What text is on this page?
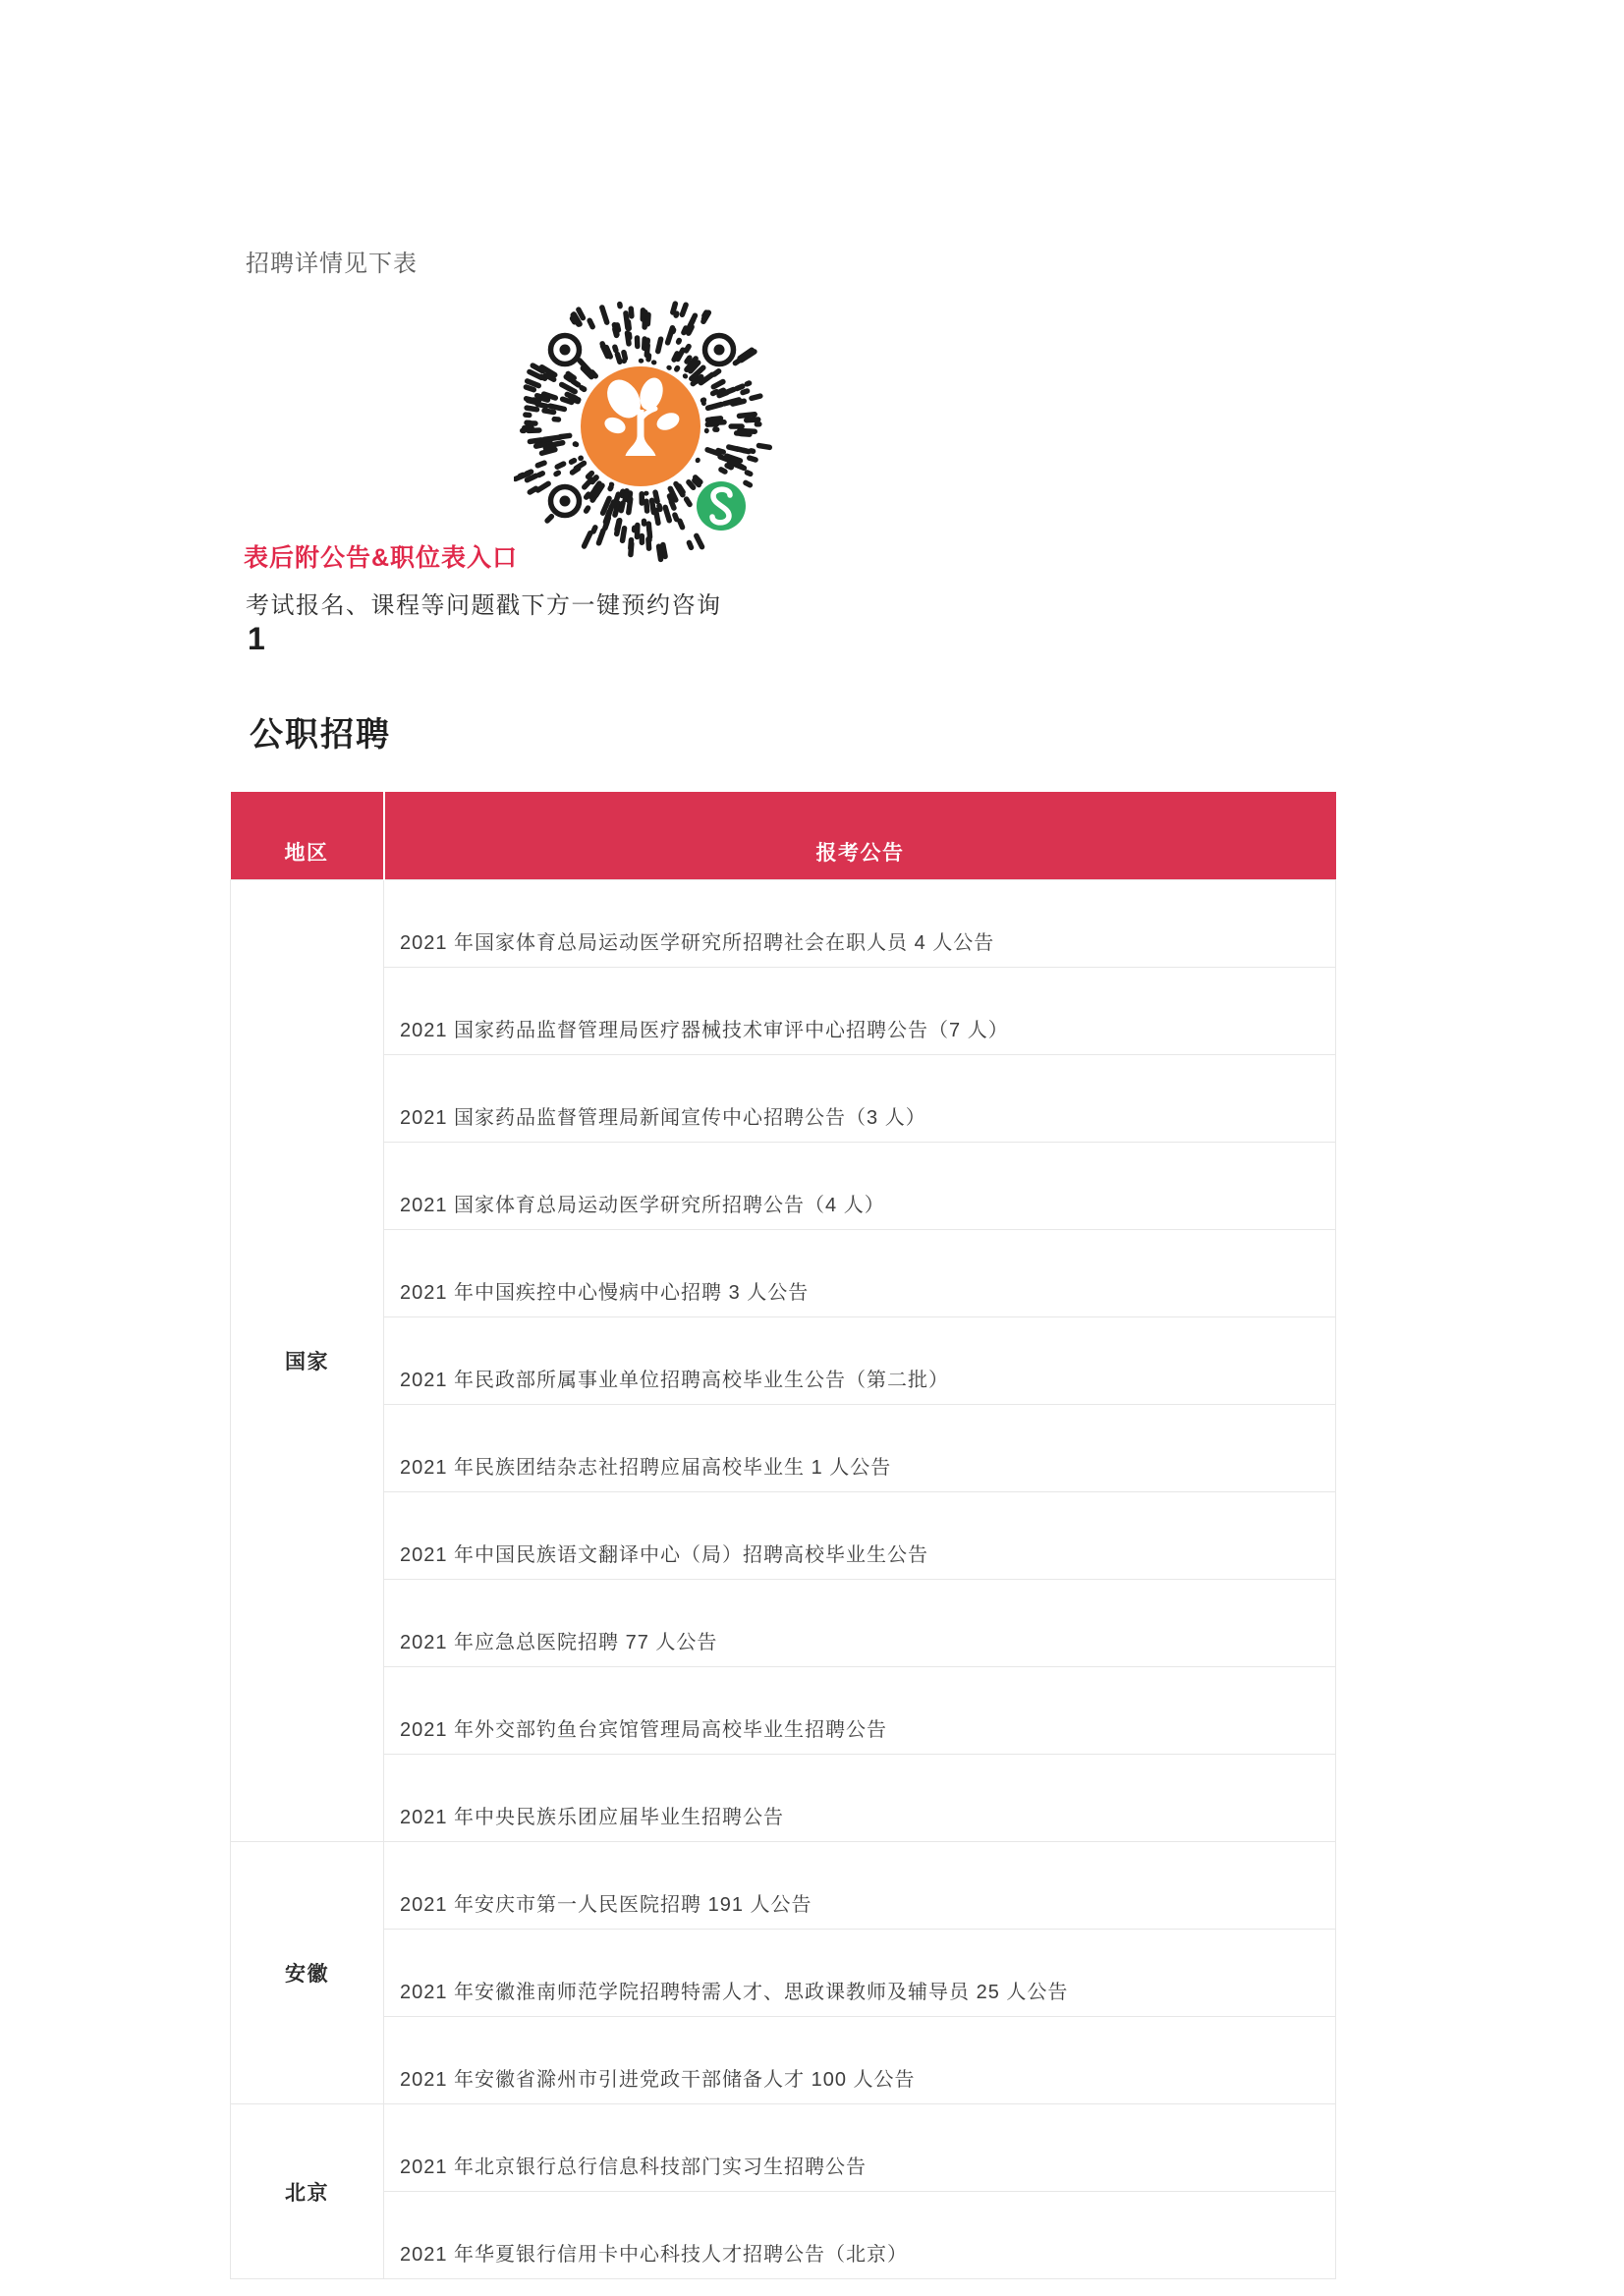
招聘详情见下表
表后附公告&职位表入口
考试报名、课程等问题戳下方一键预约咨询
1
公职招聘
地区	报考公告
国家	2021 年国家体育总局运动医学研究所招聘社会在职人员 4 人公告
	2021 国家药品监督管理局医疗器械技术审评中心招聘公告（7 人）
	2021 国家药品监督管理局新闻宣传中心招聘公告（3 人）
	2021 国家体育总局运动医学研究所招聘公告（4 人）
	2021 年中国疾控中心慢病中心招聘 3 人公告
	2021 年民政部所属事业单位招聘高校毕业生公告（第二批）
	2021 年民族团结杂志社招聘应届高校毕业生 1 人公告
	2021 年中国民族语文翻译中心（局）招聘高校毕业生公告
	2021 年应急总医院招聘 77 人公告
	2021 年外交部钓鱼台宾馆管理局高校毕业生招聘公告
	2021 年中央民族乐团应届毕业生招聘公告
安徽	2021 年安庆市第一人民医院招聘 191 人公告
	2021 年安徽淮南师范学院招聘特需人才、思政课教师及辅导员 25 人公告
	2021 年安徽省滁州市引进党政干部储备人才 100 人公告
北京	2021 年北京银行总行信息科技部门实习生招聘公告
	2021 年华夏银行信用卡中心科技人才招聘公告（北京）
